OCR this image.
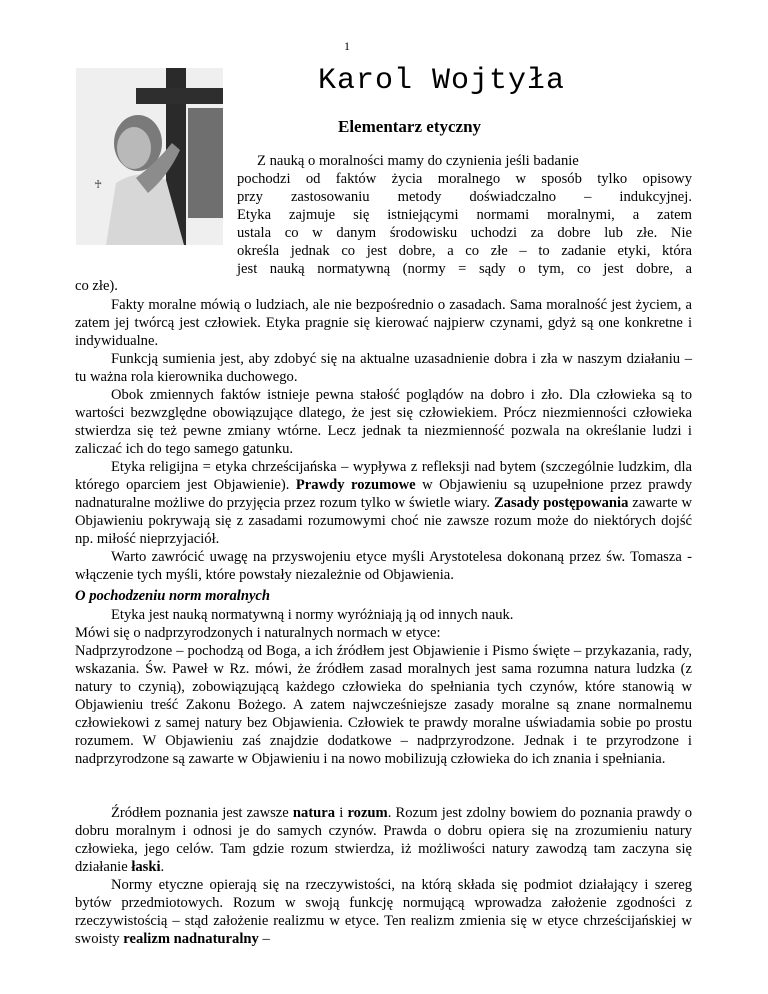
1
♰
Karol Wojtyła
Elementarz etyczny
Z nauką o moralności mamy do czynienia jeśli badanie
pochodzi od faktów życia moralnego w sposób tylko opisowy
przy zastosowaniu metody doświadczalno – indukcyjnej.
Etyka zajmuje się istniejącymi normami moralnymi, a zatem
ustala co w danym środowisku uchodzi za dobre lub złe. Nie
określa jednak co jest dobre, a co złe – to zadanie etyki, która
jest nauką normatywną (normy = sądy o tym, co jest dobre, a
co złe).

Fakty moralne mówią o ludziach, ale nie bezpośrednio o zasadach. Sama moralność jest życiem, a zatem jej twórcą jest człowiek. Etyka pragnie się kierować najpierw czynami, gdyż są one konkretne i indywidualne.

Funkcją sumienia jest, aby zdobyć się na aktualne uzasadnienie dobra i zła w naszym działaniu – tu ważna rola kierownika duchowego.

Obok zmiennych faktów istnieje pewna stałość poglądów na dobro i zło. Dla człowieka są to wartości bezwzględne obowiązujące dlatego, że jest się człowiekiem. Prócz niezmienności człowieka stwierdza się też pewne zmiany wtórne. Lecz jednak ta niezmienność pozwala na określanie ludzi i zaliczać ich do tego samego gatunku.

Etyka religijna = etyka chrześcijańska – wypływa z refleksji nad bytem (szczególnie ludzkim, dla którego oparciem jest Objawienie). Prawdy rozumowe w Objawieniu są uzupełnione przez prawdy nadnaturalne możliwe do przyjęcia przez rozum tylko w świetle wiary. Zasady postępowania zawarte w Objawieniu pokrywają się z zasadami rozumowymi choć nie zawsze rozum może do niektórych dojść np. miłość nieprzyjaciół.

Warto zawrócić uwagę na przyswojeniu etyce myśli Arystotelesa dokonaną przez św. Tomasza - włączenie tych myśli, które powstały niezależnie od Objawienia.

O pochodzeniu norm moralnych

Etyka jest nauką normatywną i normy wyróżniają ją od innych nauk.

Mówi się o nadprzyrodzonych i naturalnych normach w etyce:

Nadprzyrodzone – pochodzą od Boga, a ich źródłem jest Objawienie i Pismo święte – przykazania, rady, wskazania. Św. Paweł w Rz. mówi, że źródłem zasad moralnych jest sama rozumna natura ludzka (z natury to czynią), zobowiązującą każdego człowieka do spełniania tych czynów, które stanowią w Objawieniu treść Zakonu Bożego. A zatem najwcześniejsze zasady moralne są znane normalnemu człowiekowi z samej natury bez Objawienia. Człowiek te prawdy moralne uświadamia sobie po prostu rozumem. W Objawieniu zaś znajdzie dodatkowe – nadprzyrodzone. Jednak i te przyrodzone i nadprzyrodzone są zawarte w Objawieniu i na nowo mobilizują człowieka do ich znania i spełniania.

Źródłem poznania jest zawsze natura i rozum. Rozum jest zdolny bowiem do poznania prawdy o dobru moralnym i odnosi je do samych czynów. Prawda o dobru opiera się na zrozumieniu natury człowieka, jego celów. Tam gdzie rozum stwierdza, iż możliwości natury zawodzą tam zaczyna się działanie łaski.

Normy etyczne opierają się na rzeczywistości, na którą składa się podmiot działający i szereg bytów przedmiotowych. Rozum w swoją funkcję normującą wprowadza założenie zgodności z rzeczywistością – stąd założenie realizmu w etyce. Ten realizm zmienia się w etyce chrześcijańskiej w swoisty realizm nadnaturalny –
